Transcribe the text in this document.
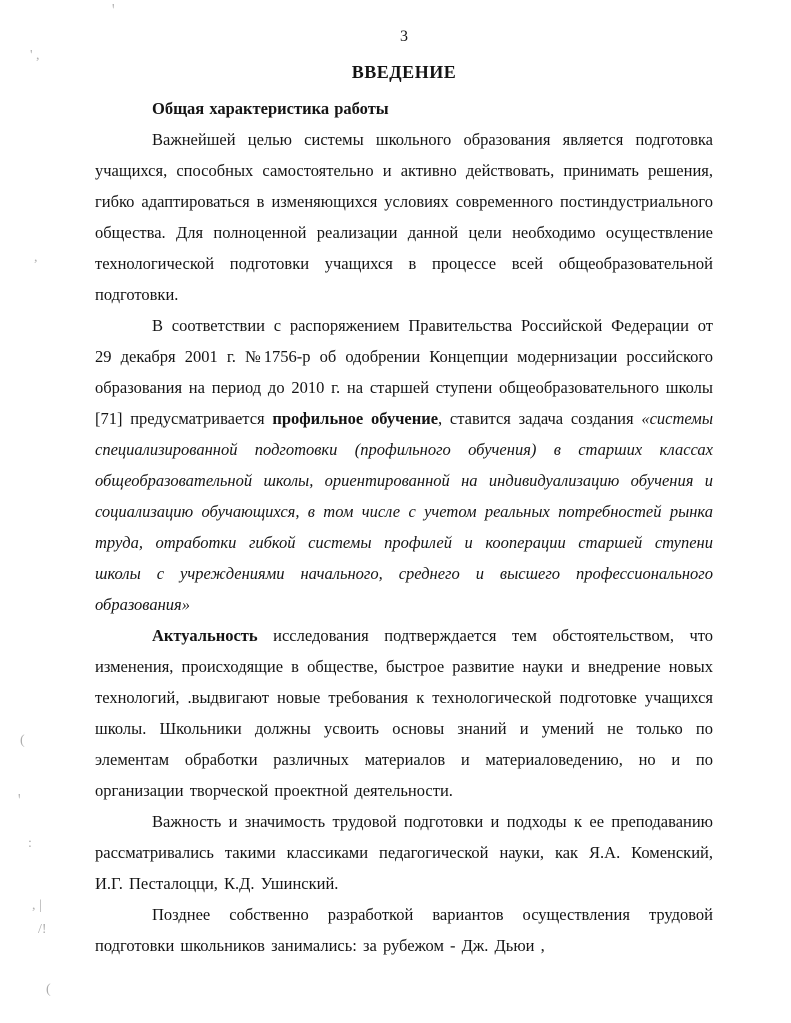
3

ВВЕДЕНИЕ

Общая характеристика работы

Важнейшей целью системы школьного образования является подготовка учащихся, способных самостоятельно и активно действовать, принимать решения, гибко адаптироваться в изменяющихся условиях современного постиндустриального общества. Для полноценной реализации данной цели необходимо осуществление технологической подготовки учащихся в процессе всей общеобразовательной подготовки.

В соответствии с распоряжением Правительства Российской Федерации от 29 декабря 2001 г. №1756-р об одобрении Концепции модернизации российского образования на период до 2010 г. на старшей ступени общеобразовательного школы [71] предусматривается профильное обучение, ставится задача создания «системы специализированной подготовки (профильного обучения) в старших классах общеобразовательной школы, ориентированной на индивидуализацию обучения и социализацию обучающихся, в том числе с учетом реальных потребностей рынка труда, отработки гибкой системы профилей и кооперации старшей ступени школы с учреждениями начального, среднего и высшего профессионального образования»

Актуальность исследования подтверждается тем обстоятельством, что изменения, происходящие в обществе, быстрое развитие науки и внедрение новых технологий, .выдвигают новые требования к технологической подготовке учащихся школы. Школьники должны усвоить основы знаний и умений не только по элементам обработки различных материалов и материаловедению, но и по организации творческой проектной деятельности.

Важность и значимость трудовой подготовки и подходы к ее преподаванию рассматривались такими классиками педагогической науки, как Я.А. Коменский, И.Г. Песталоцци, К.Д. Ушинский.

Позднее собственно разработкой вариантов осуществления трудовой подготовки школьников занимались: за рубежом - Дж. Дьюи ,

' ,
ꞌ
,
(
ꞌ
:
, |
/!
(
